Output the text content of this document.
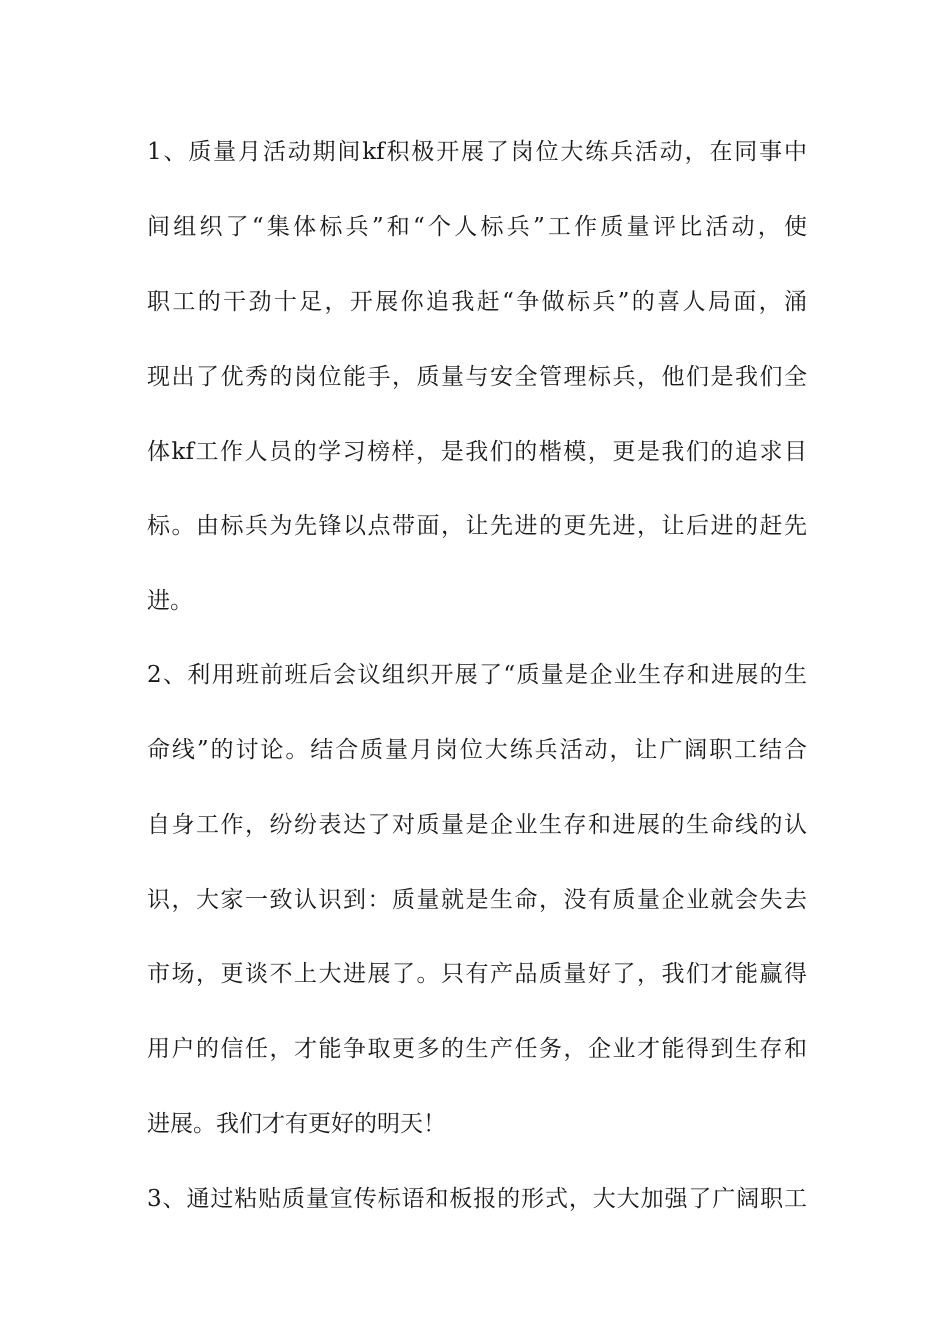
1、质量月活动期间kf积极开展了岗位大练兵活动，在同事中
间组织了“集体标兵”和“个人标兵”工作质量评比活动，使
职工的干劲十足，开展你追我赶“争做标兵”的喜人局面，涌
现出了优秀的岗位能手，质量与安全管理标兵，他们是我们全
体kf工作人员的学习榜样，是我们的楷模，更是我们的追求目
标。由标兵为先锋以点带面，让先进的更先进，让后进的赶先
进。
2、利用班前班后会议组织开展了“质量是企业生存和进展的生
命线”的讨论。结合质量月岗位大练兵活动，让广阔职工结合
自身工作，纷纷表达了对质量是企业生存和进展的生命线的认
识，大家一致认识到：质量就是生命，没有质量企业就会失去
市场，更谈不上大进展了。只有产品质量好了，我们才能赢得
用户的信任，才能争取更多的生产任务，企业才能得到生存和
进展。我们才有更好的明天！
3、通过粘贴质量宣传标语和板报的形式，大大加强了广阔职工
